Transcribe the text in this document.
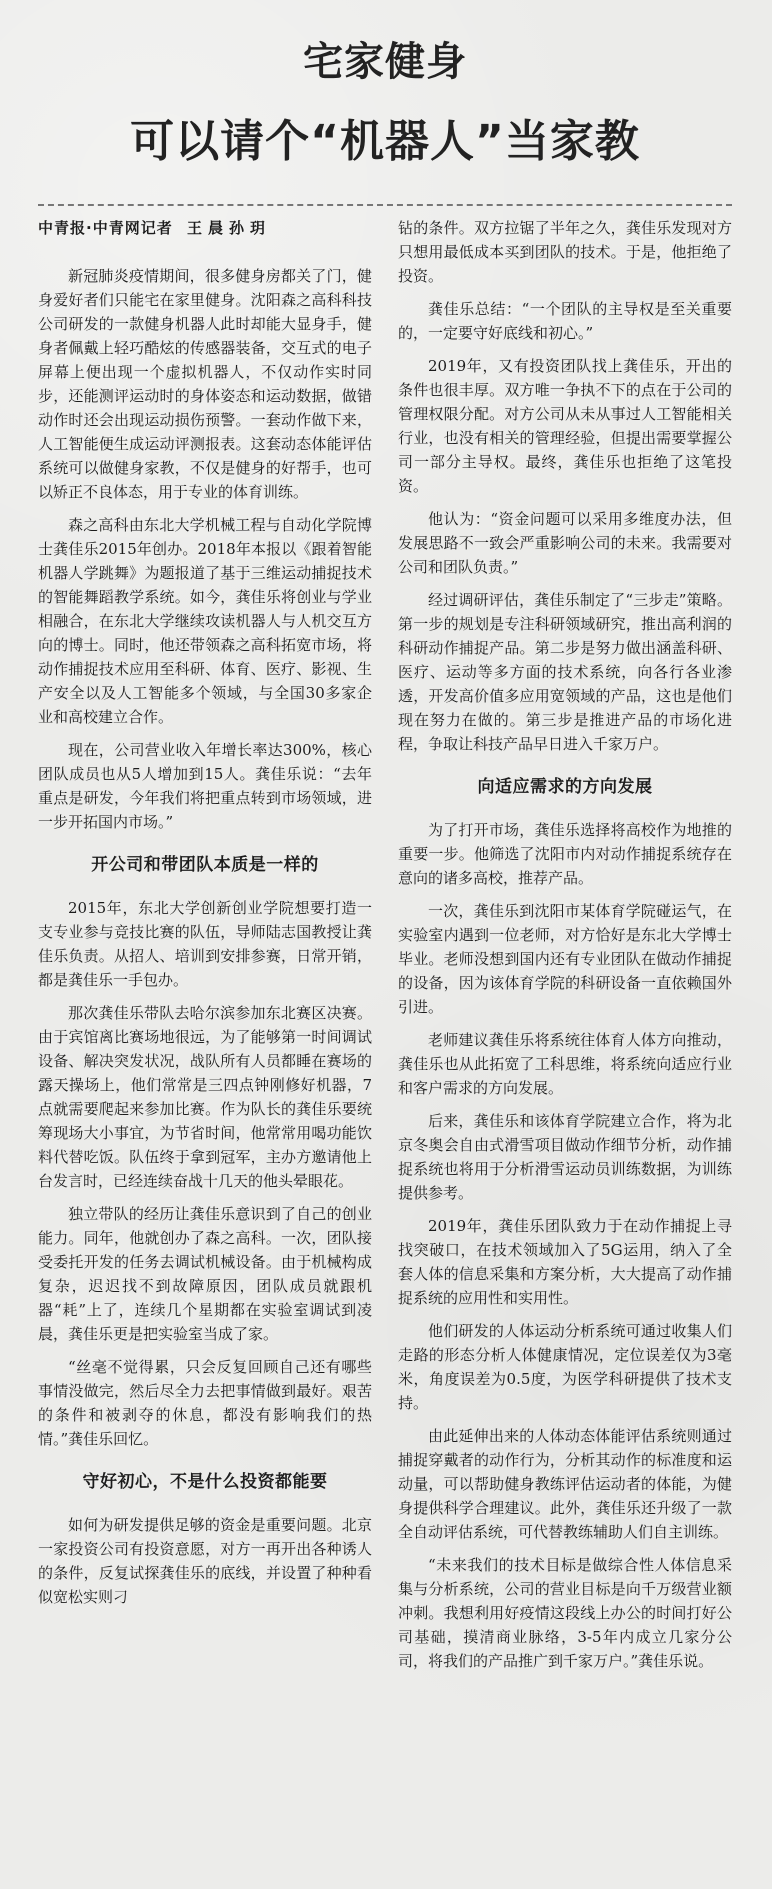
宅家健身
可以请个“机器人”当家教
中青报·中青网记者 王晨孙玥

新冠肺炎疫情期间，很多健身房都关了门，健身爱好者们只能宅在家里健身。沈阳森之高科科技公司研发的一款健身机器人此时却能大显身手，健身者佩戴上轻巧酷炫的传感器装备，交互式的电子屏幕上便出现一个虚拟机器人，不仅动作实时同步，还能测评运动时的身体姿态和运动数据，做错动作时还会出现运动损伤预警。一套动作做下来，人工智能便生成运动评测报表。这套动态体能评估系统可以做健身家教，不仅是健身的好帮手，也可以矫正不良体态，用于专业的体育训练。

森之高科由东北大学机械工程与自动化学院博士龚佳乐2015年创办。2018年本报以《跟着智能机器人学跳舞》为题报道了基于三维运动捕捉技术的智能舞蹈教学系统。如今，龚佳乐将创业与学业相融合，在东北大学继续攻读机器人与人机交互方向的博士。同时，他还带领森之高科拓宽市场，将动作捕捉技术应用至科研、体育、医疗、影视、生产安全以及人工智能多个领域，与全国30多家企业和高校建立合作。

现在，公司营业收入年增长率达300%，核心团队成员也从5人增加到15人。龚佳乐说：“去年重点是研发，今年我们将把重点转到市场领域，进一步开拓国内市场。”

开公司和带团队本质是一样的

2015年，东北大学创新创业学院想要打造一支专业参与竞技比赛的队伍，导师陆志国教授让龚佳乐负责。从招人、培训到安排参赛，日常开销，都是龚佳乐一手包办。

那次龚佳乐带队去哈尔滨参加东北赛区决赛。由于宾馆离比赛场地很远，为了能够第一时间调试设备、解决突发状况，战队所有人员都睡在赛场的露天操场上，他们常常是三四点钟刚修好机器，7点就需要爬起来参加比赛。作为队长的龚佳乐要统筹现场大小事宜，为节省时间，他常常用喝功能饮料代替吃饭。队伍终于拿到冠军，主办方邀请他上台发言时，已经连续奋战十几天的他头晕眼花。

独立带队的经历让龚佳乐意识到了自己的创业能力。同年，他就创办了森之高科。一次，团队接受委托开发的任务去调试机械设备。由于机械构成复杂，迟迟找不到故障原因，团队成员就跟机器“耗”上了，连续几个星期都在实验室调试到凌晨，龚佳乐更是把实验室当成了家。

“丝毫不觉得累，只会反复回顾自己还有哪些事情没做完，然后尽全力去把事情做到最好。艰苦的条件和被剥夺的休息，都没有影响我们的热情。”龚佳乐回忆。

守好初心，不是什么投资都能要

如何为研发提供足够的资金是重要问题。北京一家投资公司有投资意愿，对方一再开出各种诱人的条件，反复试探龚佳乐的底线，并设置了种种看似宽松实则刁

钻的条件。双方拉锯了半年之久，龚佳乐发现对方只想用最低成本买到团队的技术。于是，他拒绝了投资。

龚佳乐总结：“一个团队的主导权是至关重要的，一定要守好底线和初心。”

2019年，又有投资团队找上龚佳乐，开出的条件也很丰厚。双方唯一争执不下的点在于公司的管理权限分配。对方公司从未从事过人工智能相关行业，也没有相关的管理经验，但提出需要掌握公司一部分主导权。最终，龚佳乐也拒绝了这笔投资。

他认为：“资金问题可以采用多维度办法，但发展思路不一致会严重影响公司的未来。我需要对公司和团队负责。”

经过调研评估，龚佳乐制定了“三步走”策略。第一步的规划是专注科研领域研究，推出高利润的科研动作捕捉产品。第二步是努力做出涵盖科研、医疗、运动等多方面的技术系统，向各行各业渗透，开发高价值多应用宽领域的产品，这也是他们现在努力在做的。第三步是推进产品的市场化进程，争取让科技产品早日进入千家万户。

向适应需求的方向发展

为了打开市场，龚佳乐选择将高校作为地推的重要一步。他筛选了沈阳市内对动作捕捉系统存在意向的诸多高校，推荐产品。

一次，龚佳乐到沈阳市某体育学院碰运气，在实验室内遇到一位老师，对方恰好是东北大学博士毕业。老师没想到国内还有专业团队在做动作捕捉的设备，因为该体育学院的科研设备一直依赖国外引进。

老师建议龚佳乐将系统往体育人体方向推动，龚佳乐也从此拓宽了工科思维，将系统向适应行业和客户需求的方向发展。

后来，龚佳乐和该体育学院建立合作，将为北京冬奥会自由式滑雪项目做动作细节分析，动作捕捉系统也将用于分析滑雪运动员训练数据，为训练提供参考。

2019年，龚佳乐团队致力于在动作捕捉上寻找突破口，在技术领域加入了5G运用，纳入了全套人体的信息采集和方案分析，大大提高了动作捕捉系统的应用性和实用性。

他们研发的人体运动分析系统可通过收集人们走路的形态分析人体健康情况，定位误差仅为3毫米，角度误差为0.5度，为医学科研提供了技术支持。

由此延伸出来的人体动态体能评估系统则通过捕捉穿戴者的动作行为，分析其动作的标准度和运动量，可以帮助健身教练评估运动者的体能，为健身提供科学合理建议。此外，龚佳乐还升级了一款全自动评估系统，可代替教练辅助人们自主训练。

“未来我们的技术目标是做综合性人体信息采集与分析系统，公司的营业目标是向千万级营业额冲刺。我想利用好疫情这段线上办公的时间打好公司基础，摸清商业脉络，3-5年内成立几家分公司，将我们的产品推广到千家万户。”龚佳乐说。
